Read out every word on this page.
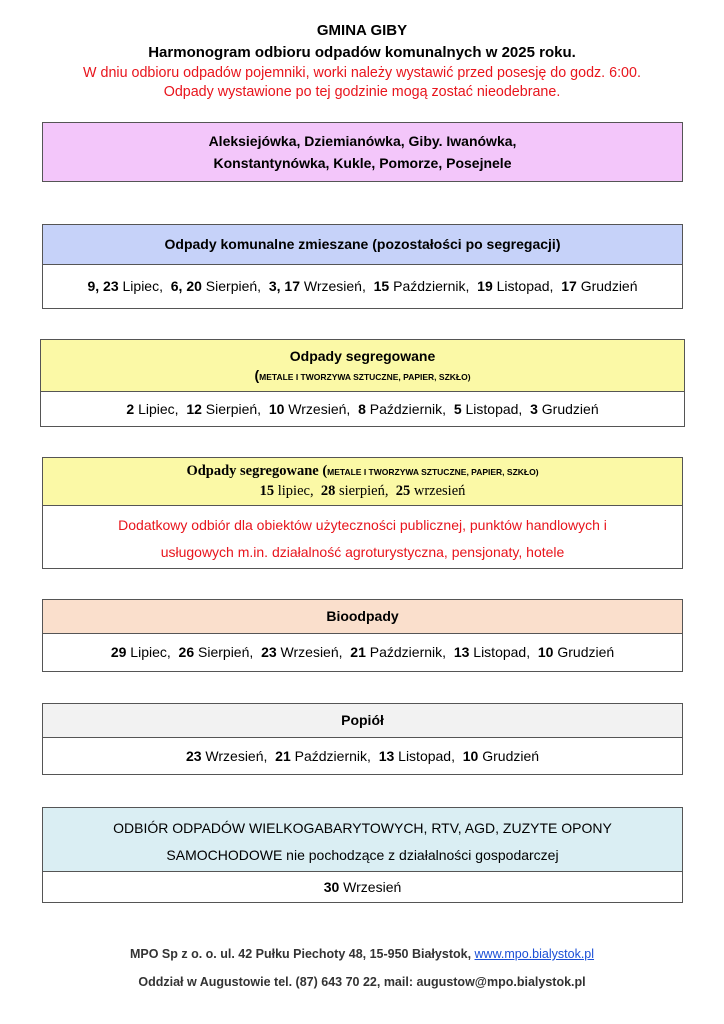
GMINA GIBY
Harmonogram odbioru odpadów komunalnych w 2025 roku.
W dniu odbioru odpadów pojemniki, worki należy wystawić przed posesję do godz. 6:00.
Odpady wystawione po tej godzinie mogą zostać nieodebrane.
Aleksiejówka, Dziemianówka, Giby. Iwanówka,
Konstantynówka, Kukle, Pomorze, Posejnele
Odpady komunalne zmieszane (pozostałości po segregacji)
9, 23 Lipiec, 6, 20 Sierpień, 3, 17 Wrzesień, 15 Październik, 19 Listopad, 17 Grudzień
Odpady segregowane
(METALE I TWORZYWA SZTUCZNE, PAPIER, SZKŁO)
2 Lipiec, 12 Sierpień, 10 Wrzesień, 8 Październik, 5 Listopad, 3 Grudzień
Odpady segregowane (METALE I TWORZYWA SZTUCZNE, PAPIER, SZKŁO)
15 lipiec, 28 sierpień, 25 wrzesień
Dodatkowy odbiór dla obiektów użyteczności publicznej, punktów handlowych i
usługowych m.in. działalność agroturystyczna, pensjonaty, hotele
Bioodpady
29 Lipiec, 26 Sierpień, 23 Wrzesień, 21 Październik, 13 Listopad, 10 Grudzień
Popiół
23 Wrzesień, 21 Październik, 13 Listopad, 10 Grudzień
ODBIÓR ODPADÓW WIELKOGABARYTOWYCH, RTV, AGD, ZUZYTE OPONY
SAMOCHODOWE nie pochodzące z działalności gospodarczej
30 Wrzesień
MPO Sp z o. o. ul. 42 Pułku Piechoty 48, 15-950 Białystok, www.mpo.bialystok.pl
Oddział w Augustowie tel. (87) 643 70 22, mail: augustow@mpo.bialystok.pl
